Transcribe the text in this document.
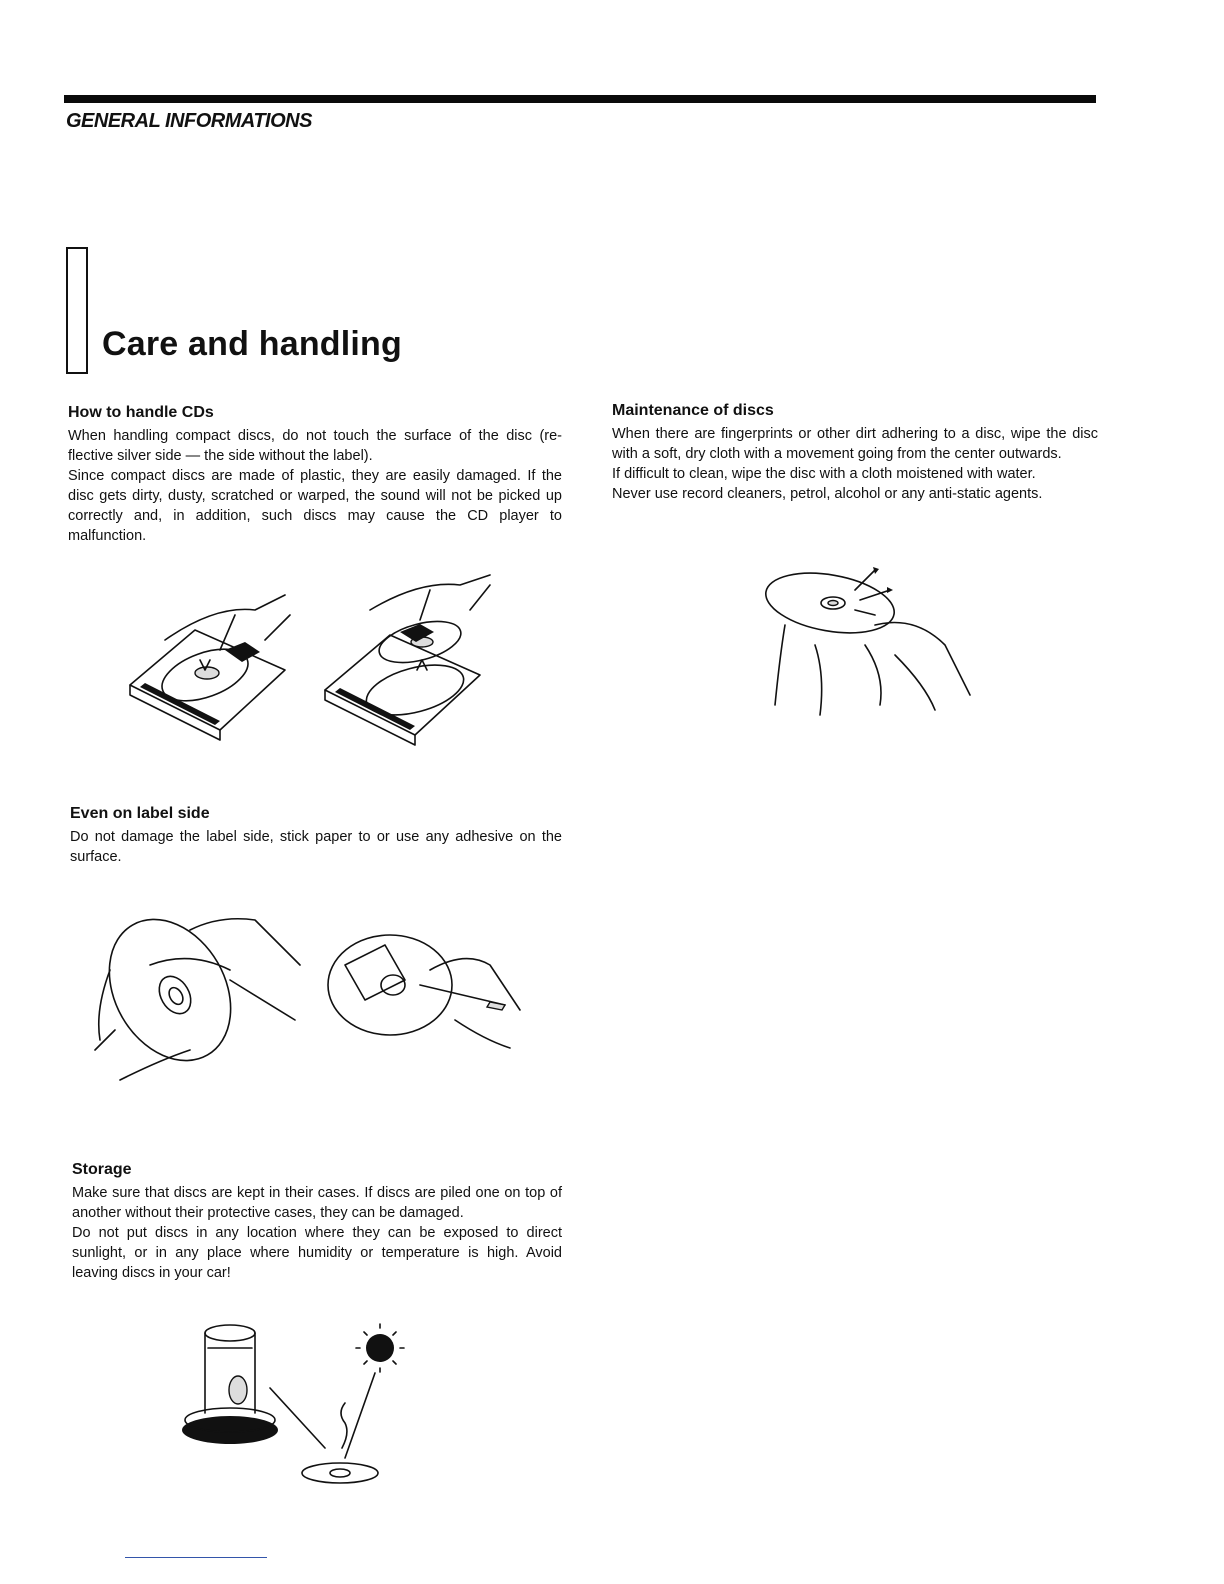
GENERAL INFORMATIONS
Care and handling
How to handle CDs

When handling compact discs, do not touch the surface of the disc (re-flective silver side — the side without the label).

Since compact discs are made of plastic, they are easily damaged. If the disc gets dirty, dusty, scratched or warped, the sound will not be picked up correctly and, in addition, such discs may cause the CD player to malfunction.

Even on label side

Do not damage the label side, stick paper to or use any adhesive on the surface.

Storage

Make sure that discs are kept in their cases. If discs are piled one on top of another without their protective cases, they can be damaged.

Do not put discs in any location where they can be exposed to direct sunlight, or in any place where humidity or temperature is high. Avoid leaving discs in your car!

Maintenance of discs

When there are fingerprints or other dirt adhering to a disc, wipe the disc with a soft, dry cloth with a movement going from the center outwards.

If difficult to clean, wipe the disc with a cloth moistened with water.

Never use record cleaners, petrol, alcohol or any anti-static agents.
